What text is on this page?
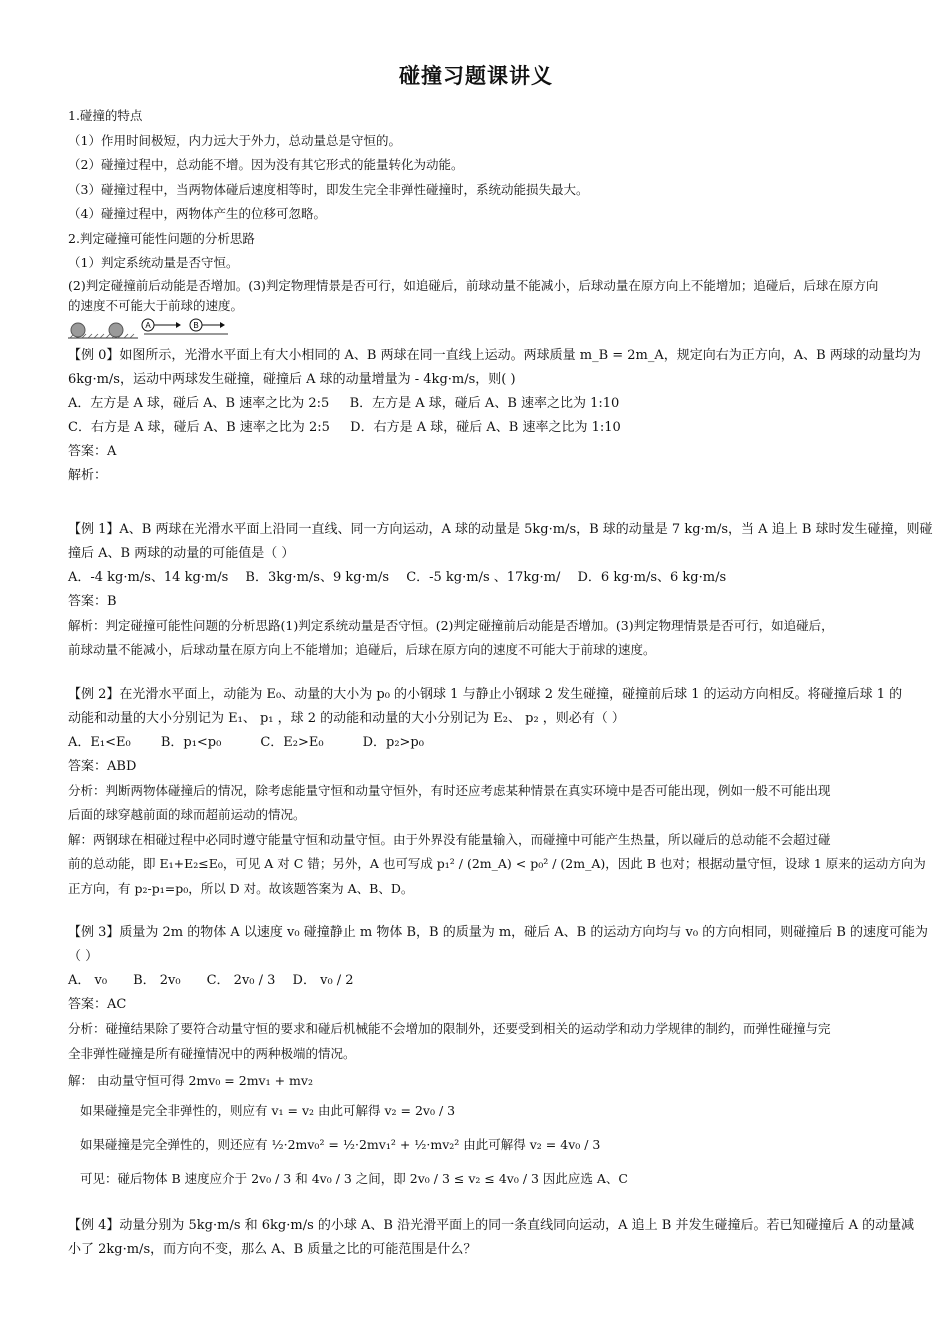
碰撞习题课讲义

1.碰撞的特点

（1）作用时间极短，内力远大于外力，总动量总是守恒的。

（2）碰撞过程中，总动能不增。因为没有其它形式的能量转化为动能。

（3）碰撞过程中，当两物体碰后速度相等时，即发生完全非弹性碰撞时，系统动能损失最大。

（4）碰撞过程中，两物体产生的位移可忽略。

2.判定碰撞可能性问题的分析思路

（1）判定系统动量是否守恒。

(2)判定碰撞前后动能是否增加。(3)判定物理情景是否可行，如追碰后，前球动量不能减小，后球动量在原方向上不能增加；追碰后，后球在原方向的速度不可能大于前球的速度。

A	B

【例 0】如图所示，光滑水平面上有大小相同的 A、B 两球在同一直线上运动。两球质量 m_B = 2m_A，规定向右为正方向，A、B 两球的动量均为

6kg·m/s，运动中两球发生碰撞，碰撞后 A 球的动量增量为 - 4kg·m/s，则( )

A．左方是 A 球，碰后 A、B 速率之比为 2:5 B．左方是 A 球，碰后 A、B 速率之比为 1:10

C．右方是 A 球，碰后 A、B 速率之比为 2:5 D．右方是 A 球，碰后 A、B 速率之比为 1:10

答案：A

解析：

【例 1】A、B 两球在光滑水平面上沿同一直线、同一方向运动，A 球的动量是 5kg·m/s，B 球的动量是 7 kg·m/s，当 A 追上 B 球时发生碰撞，则碰

撞后 A、B 两球的动量的可能值是（ ）

A．-4 kg·m/s、14 kg·m/s　 B．3kg·m/s、9 kg·m/s　 C．-5 kg·m/s 、17kg·m/　 D．6 kg·m/s、6 kg·m/s

答案：B

解析：判定碰撞可能性问题的分析思路(1)判定系统动量是否守恒。(2)判定碰撞前后动能是否增加。(3)判定物理情景是否可行，如追碰后，

前球动量不能减小，后球动量在原方向上不能增加；追碰后，后球在原方向的速度不可能大于前球的速度。

【例 2】在光滑水平面上，动能为 E₀、动量的大小为 p₀ 的小钢球 1 与静止小钢球 2 发生碰撞，碰撞前后球 1 的运动方向相反。将碰撞后球 1 的

动能和动量的大小分别记为 E₁、 p₁ ，球 2 的动能和动量的大小分别记为 E₂、 p₂ ，则必有（ ）

A．E₁<E₀　　 B．p₁<p₀　　　C．E₂>E₀　　　D．p₂>p₀

答案：ABD

分析：判断两物体碰撞后的情况，除考虑能量守恒和动量守恒外，有时还应考虑某种情景在真实环境中是否可能出现，例如一般不可能出现

后面的球穿越前面的球而超前运动的情况。

解：两钢球在相碰过程中必同时遵守能量守恒和动量守恒。由于外界没有能量输入，而碰撞中可能产生热量，所以碰后的总动能不会超过碰

前的总动能，即 E₁+E₂≤E₀，可见 A 对 C 错；另外，A 也可写成 p₁² / (2m_A) < p₀² / (2m_A)，因此 B 也对；根据动量守恒，设球 1 原来的运动方向为

正方向，有 p₂-p₁=p₀，所以 D 对。故该题答案为 A、B、D。

【例 3】质量为 2m 的物体 A 以速度 v₀ 碰撞静止 m 物体 B，B 的质量为 m，碰后 A、B 的运动方向均与 v₀ 的方向相同，则碰撞后 B 的速度可能为

（ ）

A． v₀　　B． 2v₀　　C． 2v₀ / 3　 D． v₀ / 2

答案：AC

分析：碰撞结果除了要符合动量守恒的要求和碰后机械能不会增加的限制外，还要受到相关的运动学和动力学规律的制约，而弹性碰撞与完

全非弹性碰撞是所有碰撞情况中的两种极端的情况。

解： 由动量守恒可得 2mv₀ = 2mv₁ + mv₂

如果碰撞是完全非弹性的，则应有 v₁ = v₂ 由此可解得 v₂ = 2v₀ / 3

如果碰撞是完全弹性的，则还应有 ½·2mv₀² = ½·2mv₁² + ½·mv₂² 由此可解得 v₂ = 4v₀ / 3

可见：碰后物体 B 速度应介于 2v₀ / 3 和 4v₀ / 3 之间，即 2v₀ / 3 ≤ v₂ ≤ 4v₀ / 3 因此应选 A、C

【例 4】动量分别为 5kg·m/s 和 6kg·m/s 的小球 A、B 沿光滑平面上的同一条直线同向运动，A 追上 B 并发生碰撞后。若已知碰撞后 A 的动量减

小了 2kg·m/s，而方向不变，那么 A、B 质量之比的可能范围是什么？
